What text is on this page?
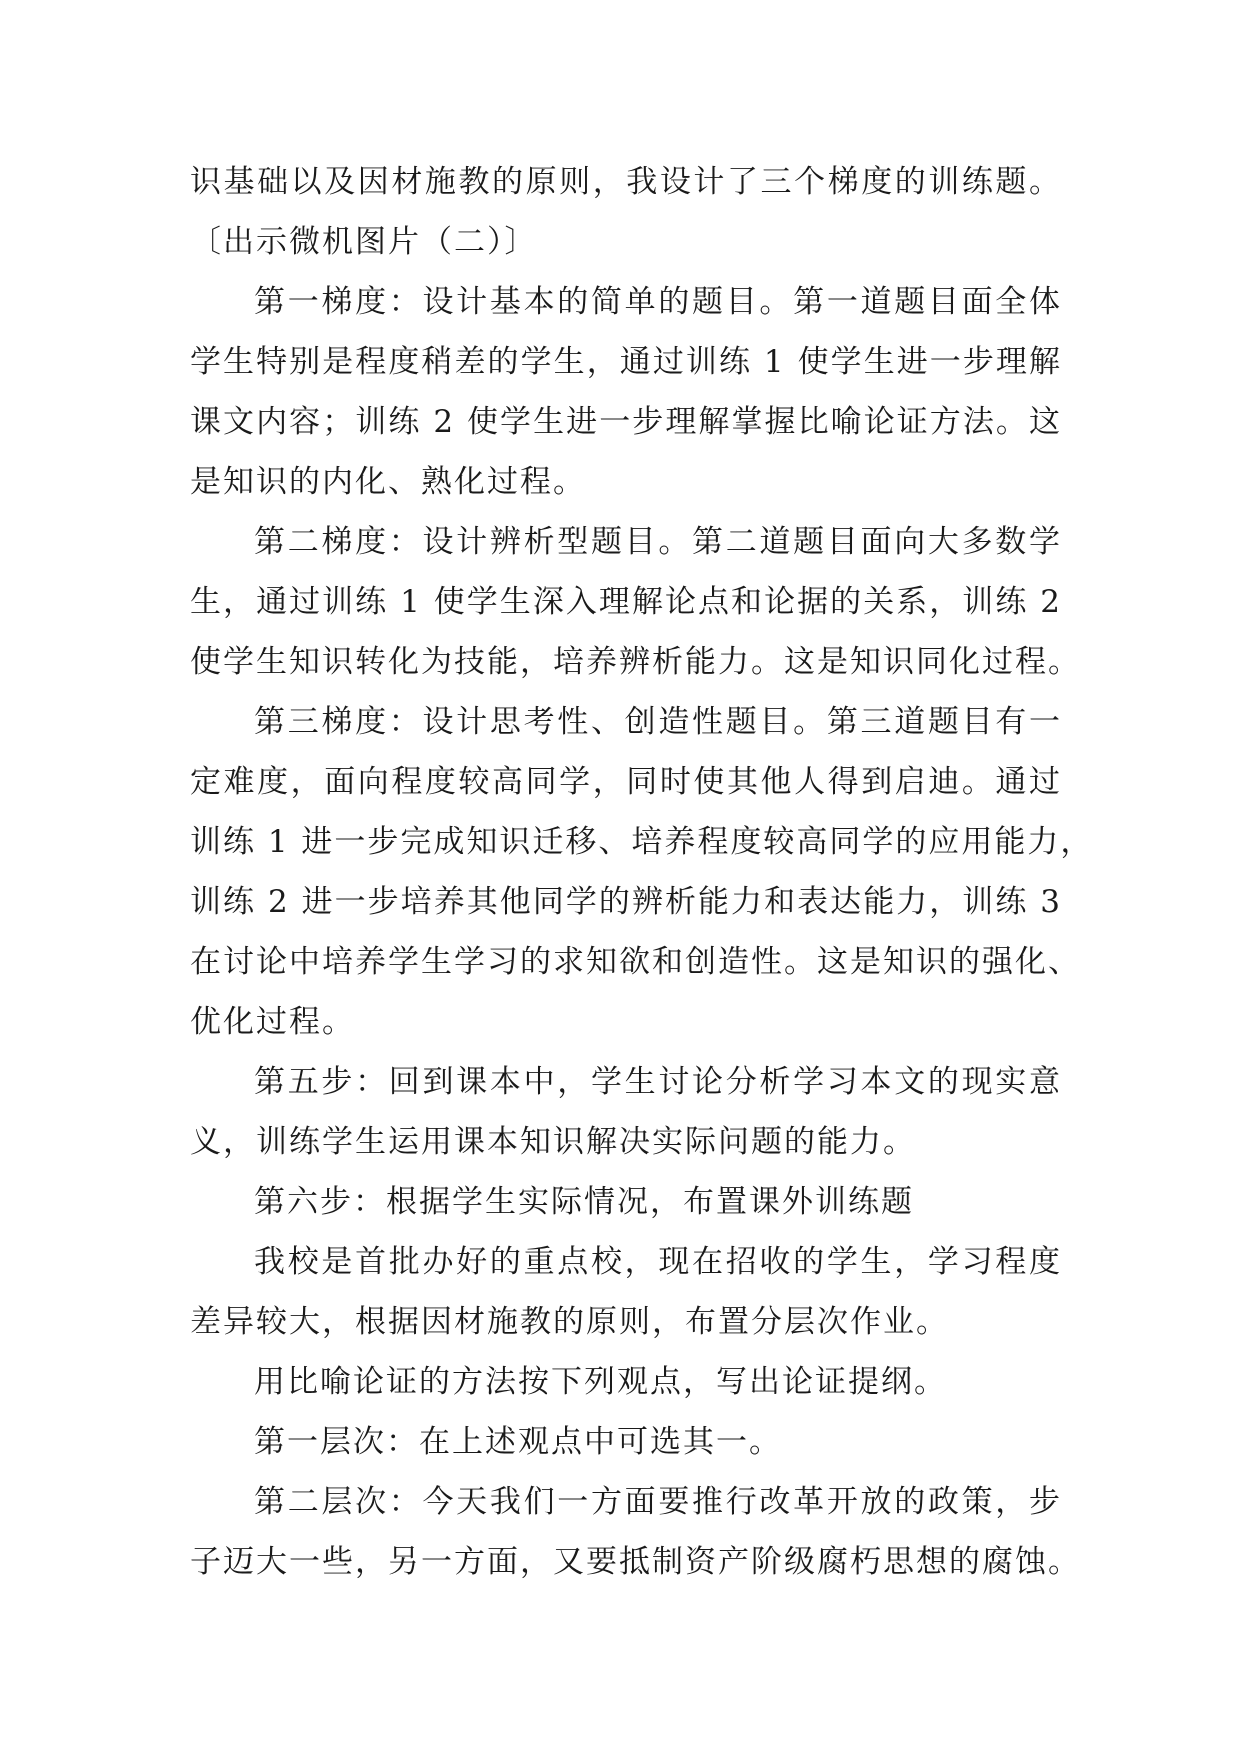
识基础以及因材施教的原则，我设计了三个梯度的训练题。
〔出示微机图片（二）〕
第一梯度：设计基本的简单的题目。第一道题目面全体
学生特别是程度稍差的学生，通过训练 1 使学生进一步理解
课文内容；训练 2 使学生进一步理解掌握比喻论证方法。这
是知识的内化、熟化过程。
第二梯度：设计辨析型题目。第二道题目面向大多数学
生，通过训练 1 使学生深入理解论点和论据的关系，训练 2
使学生知识转化为技能，培养辨析能力。这是知识同化过程。
第三梯度：设计思考性、创造性题目。第三道题目有一
定难度，面向程度较高同学，同时使其他人得到启迪。通过
训练 1 进一步完成知识迁移、培养程度较高同学的应用能力，
训练 2 进一步培养其他同学的辨析能力和表达能力，训练 3
在讨论中培养学生学习的求知欲和创造性。这是知识的强化、
优化过程。
第五步：回到课本中，学生讨论分析学习本文的现实意
义，训练学生运用课本知识解决实际问题的能力。
第六步：根据学生实际情况，布置课外训练题
我校是首批办好的重点校，现在招收的学生，学习程度
差异较大，根据因材施教的原则，布置分层次作业。
用比喻论证的方法按下列观点，写出论证提纲。
第一层次：在上述观点中可选其一。
第二层次：今天我们一方面要推行改革开放的政策，步
子迈大一些，另一方面，又要抵制资产阶级腐朽思想的腐蚀。
